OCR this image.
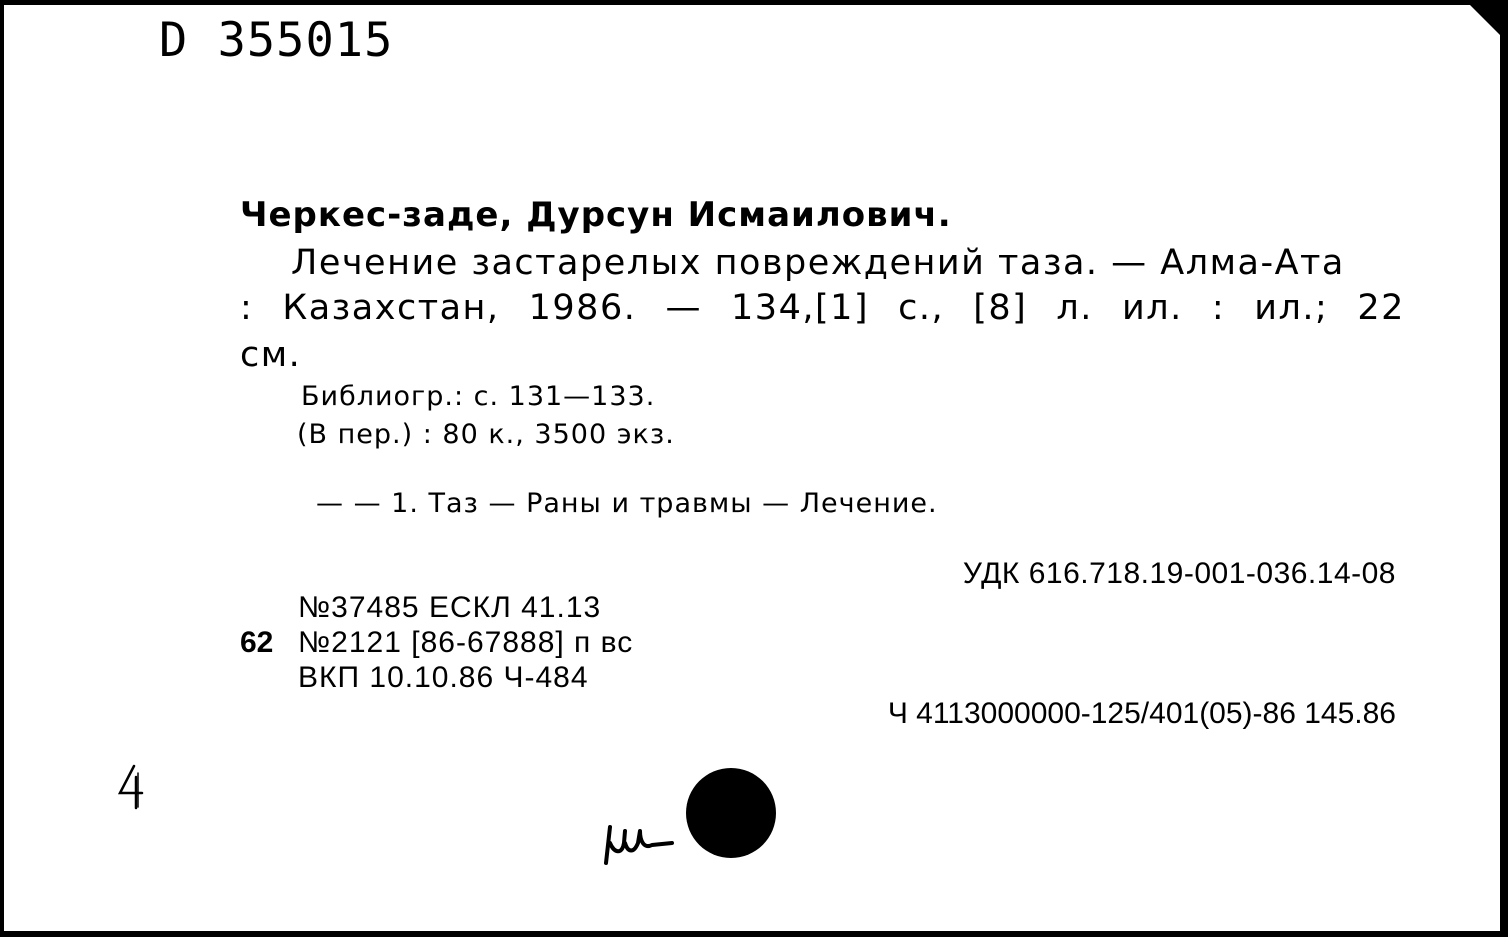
D 355015
Черкес-заде, Дурсун Исмаилович.
Лечение застарелых повреждений таза. — Алма-Ата
: Казахстан, 1986. — 134,[1] с., [8] л. ил. : ил.; 22
см.
Библиогр.: с. 131—133.
(В пер.) : 80 к., 3500 экз.
— — 1. Таз — Раны и травмы — Лечение.
УДК 616.718.19-001-036.14-08
№37485 ЕСКЛ 41.13
62 №2121 [86-67888] п вс
ВКП 10.10.86 Ч-484
Ч 4113000000-125/401(05)-86 145.86
